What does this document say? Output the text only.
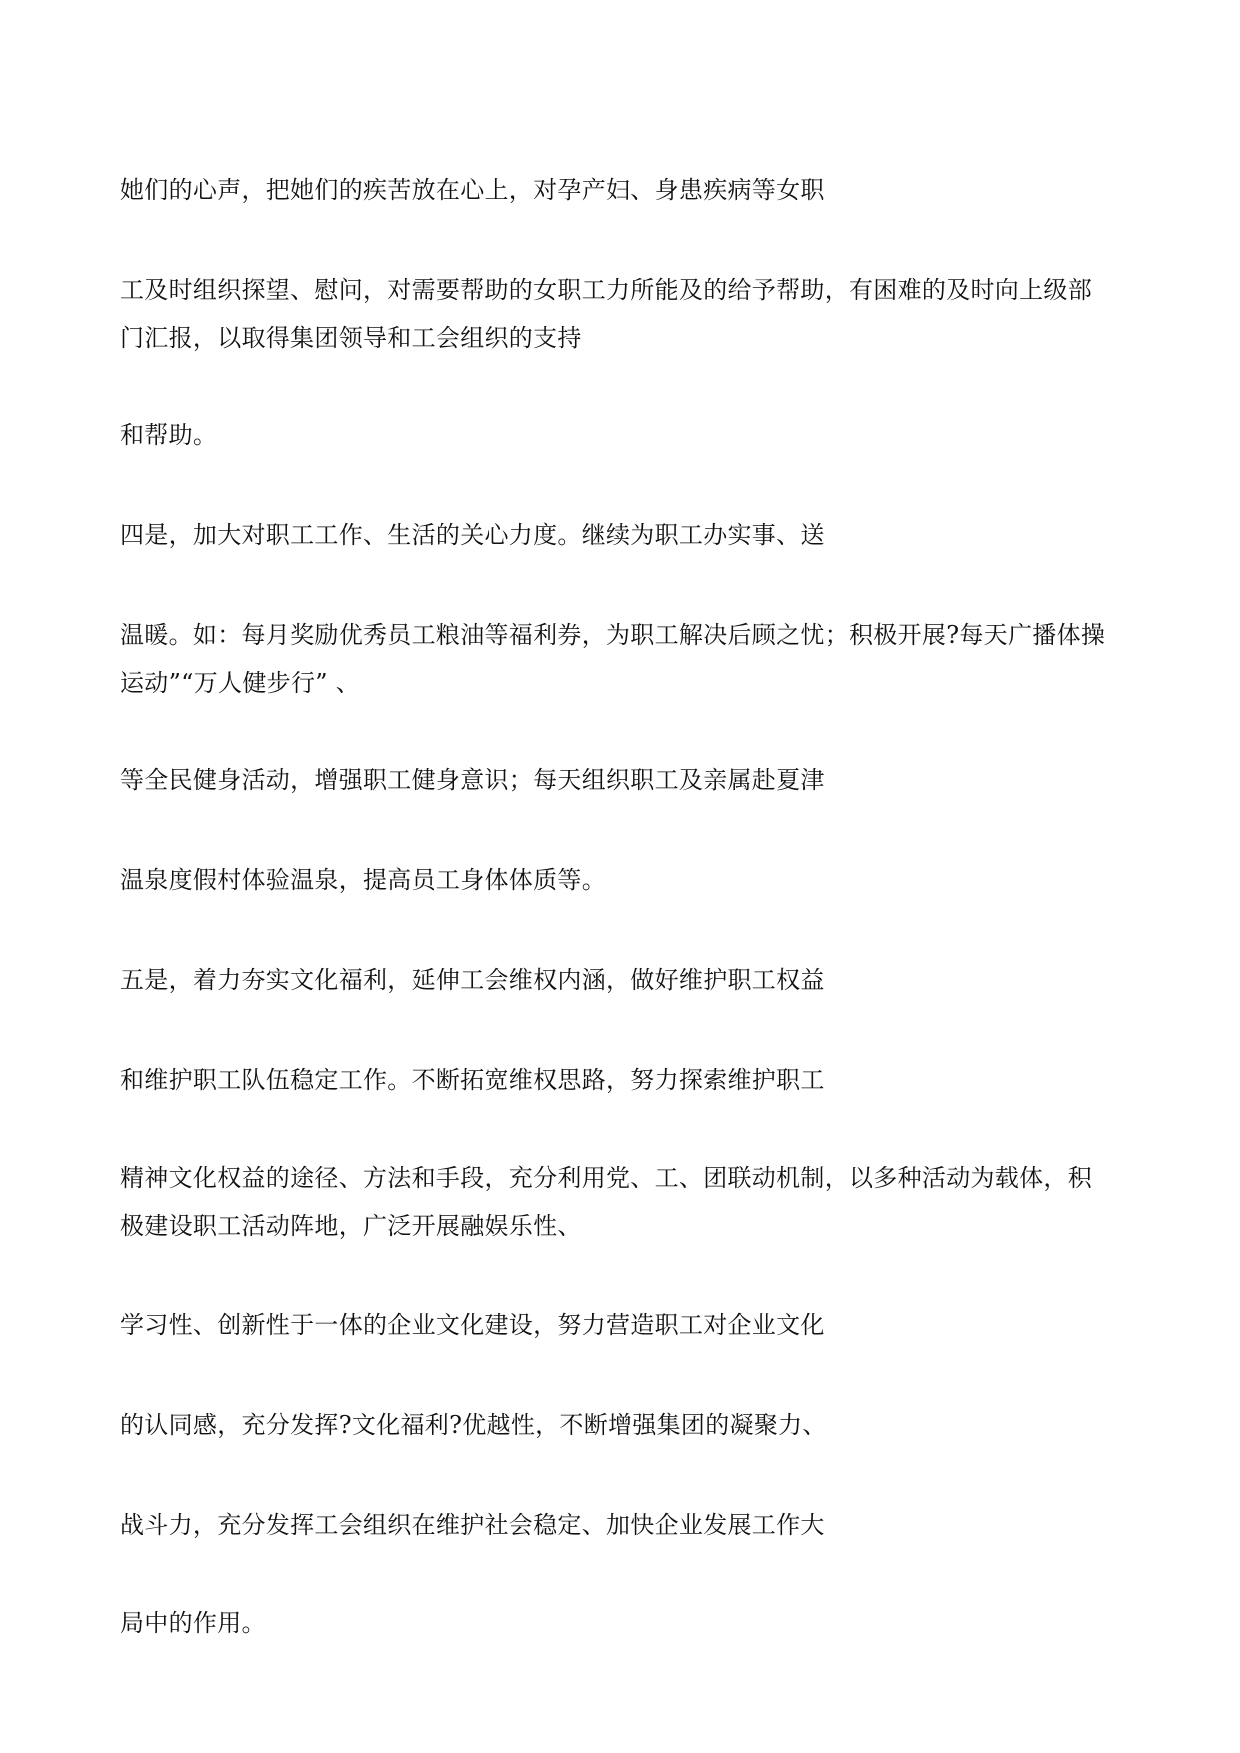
她们的心声，把她们的疾苦放在心上，对孕产妇、身患疾病等女职

工及时组织探望、慰问，对需要帮助的女职工力所能及的给予帮助，有困难的及时向上级部

门汇报，以取得集团领导和工会组织的支持

和帮助。

四是，加大对职工工作、生活的关心力度。继续为职工办实事、送

温暖。如：每月奖励优秀员工粮油等福利券，为职工解决后顾之忧；积极开展?每天广播体操

运动”“万人健步行” 、

等全民健身活动，增强职工健身意识；每天组织职工及亲属赴夏津

温泉度假村体验温泉，提高员工身体体质等。

五是，着力夯实文化福利，延伸工会维权内涵，做好维护职工权益

和维护职工队伍稳定工作。不断拓宽维权思路，努力探索维护职工

精神文化权益的途径、方法和手段，充分利用党、工、团联动机制，以多种活动为载体，积

极建设职工活动阵地，广泛开展融娱乐性、

学习性、创新性于一体的企业文化建设，努力营造职工对企业文化

的认同感，充分发挥?文化福利?优越性，不断增强集团的凝聚力、

战斗力，充分发挥工会组织在维护社会稳定、加快企业发展工作大

局中的作用。
